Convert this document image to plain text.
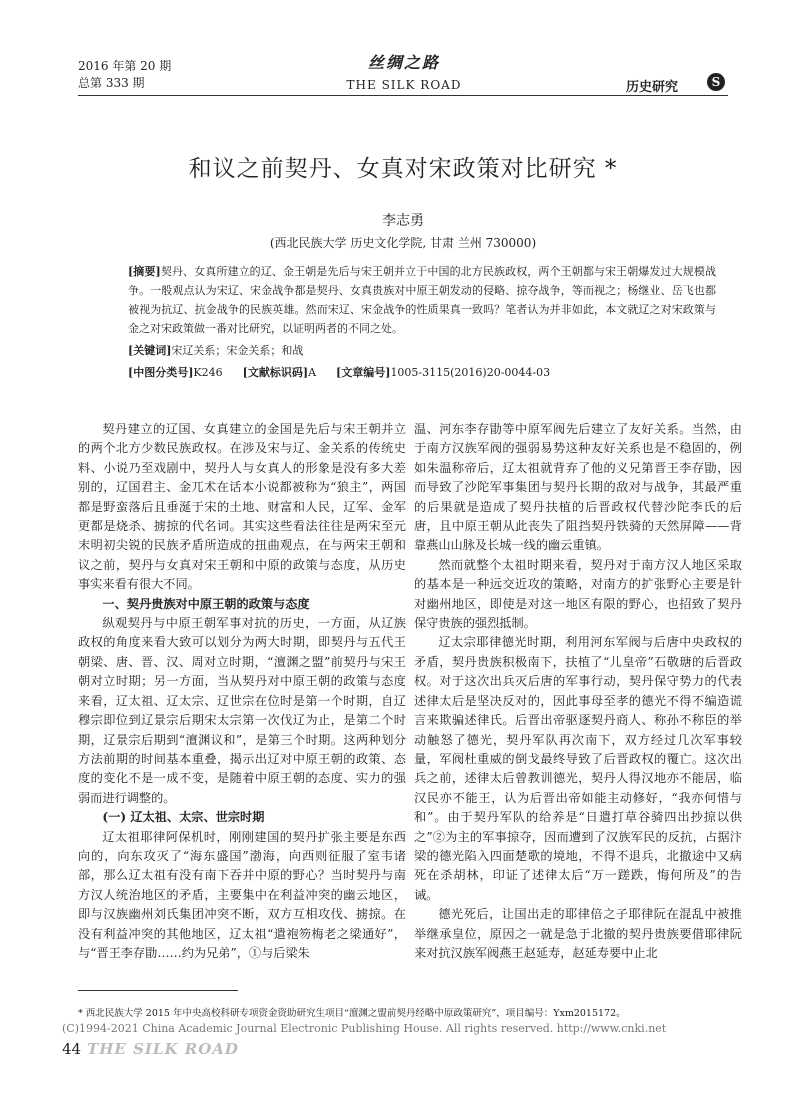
2016 年第 20 期
总第 333 期
丝绸之路
THE SILK ROAD	历史研究	S
和议之前契丹、女真对宋政策对比研究 *
李志勇
(西北民族大学 历史文化学院, 甘肃 兰州 730000)

[摘要]契丹、女真所建立的辽、金王朝是先后与宋王朝并立于中国的北方民族政权，两个王朝都与宋王朝爆发过大规模战争。一般观点认为宋辽、宋金战争都是契丹、女真贵族对中原王朝发动的侵略、掠夺战争，等而视之；杨继业、岳飞也都被视为抗辽、抗金战争的民族英雄。然而宋辽、宋金战争的性质果真一致吗？笔者认为并非如此，本文就辽之对宋政策与金之对宋政策做一番对比研究，以证明两者的不同之处。

[关键词]宋辽关系；宋金关系；和战

[中图分类号]K246 [文献标识码]A [文章编号]1005-3115(2016)20-0044-03

契丹建立的辽国、女真建立的金国是先后与宋王朝并立的两个北方少数民族政权。在涉及宋与辽、金关系的传统史料、小说乃至戏剧中，契丹人与女真人的形象是没有多大差别的，辽国君主、金兀术在话本小说都被称为“狼主”，两国都是野蛮落后且垂涎于宋的土地、财富和人民，辽军、金军更都是烧杀、掳掠的代名词。其实这些看法往往是两宋至元末明初尖锐的民族矛盾所造成的扭曲观点，在与两宋王朝和议之前，契丹与女真对宋王朝和中原的政策与态度，从历史事实来看有很大不同。

一、契丹贵族对中原王朝的政策与态度

纵观契丹与中原王朝军事对抗的历史，一方面，从辽族政权的角度来看大致可以划分为两大时期，即契丹与五代王朝梁、唐、晋、汉、周对立时期，“澶渊之盟”前契丹与宋王朝对立时期；另一方面，当从契丹对中原王朝的政策与态度来看，辽太祖、辽太宗、辽世宗在位时是第一个时期，自辽穆宗即位到辽景宗后期宋太宗第一次伐辽为止，是第二个时期，辽景宗后期到“澶渊议和”，是第三个时期。这两种划分方法前期的时间基本重叠，揭示出辽对中原王朝的政策、态度的变化不是一成不变，是随着中原王朝的态度、实力的强弱而进行调整的。

(一) 辽太祖、太宗、世宗时期

辽太祖耶律阿保机时，刚刚建国的契丹扩张主要是东西向的，向东攻灭了“海东盛国”渤海，向西则征服了室韦诸部，那么辽太祖有没有南下吞并中原的野心？当时契丹与南方汉人统治地区的矛盾，主要集中在利益冲突的幽云地区，即与汉族幽州刘氏集团冲突不断，双方互相攻伐、掳掠。在没有利益冲突的其他地区，辽太祖“遣袍笏梅老之梁通好”，与“晋王李存勖……约为兄弟”，①与后梁朱

温、河东李存勖等中原军阀先后建立了友好关系。当然，由于南方汉族军阀的强弱易势这种友好关系也是不稳固的，例如朱温称帝后，辽太祖就背弃了他的义兄第晋王李存勖，因而导致了沙陀军事集团与契丹长期的敌对与战争，其最严重的后果就是造成了契丹扶植的后晋政权代替沙陀李氏的后唐，且中原王朝从此丧失了阻挡契丹铁骑的天然屏障——背靠燕山山脉及长城一线的幽云重镇。

然而就整个太祖时期来看，契丹对于南方汉人地区采取的基本是一种远交近攻的策略，对南方的扩张野心主要是针对幽州地区，即使是对这一地区有限的野心，也招致了契丹保守贵族的强烈抵制。

辽太宗耶律德光时期，利用河东军阀与后唐中央政权的矛盾，契丹贵族积极南下，扶植了“儿皇帝”石敬瑭的后晋政权。对于这次出兵灭后唐的军事行动，契丹保守势力的代表述律太后是坚决反对的，因此事母至孝的德光不得不编造谎言来欺骗述律氏。后晋出帝驱逐契丹商人、称孙不称臣的举动触怒了德光，契丹军队再次南下，双方经过几次军事较量，军阀杜重威的倒戈最终导致了后晋政权的覆亡。这次出兵之前，述律太后曾教训德光，契丹人得汉地亦不能居，临汉民亦不能王，认为后晋出帝如能主动修好，“我亦何惜与和”。由于契丹军队的给养是“日遣打草谷骑四出抄掠以供之”②为主的军事掠夺，因而遭到了汉族军民的反抗，占据汴梁的德光陷入四面楚歌的境地，不得不退兵，北撤途中又病死在杀胡林，印证了述律太后“万一蹉跌，悔何所及”的告诫。

德光死后，让国出走的耶律倍之子耶律阮在混乱中被推举继承皇位，原因之一就是急于北撤的契丹贵族要借耶律阮来对抗汉族军阀燕王赵延寿，赵延寿要中止北

* 西北民族大学 2015 年中央高校科研专项资金资助研究生项目“澶渊之盟前契丹经略中原政策研究”，项目编号：Yxm2015172。
(C)1994-2021 China Academic Journal Electronic Publishing House. All rights reserved. http://www.cnki.net
44 THE SILK ROAD
